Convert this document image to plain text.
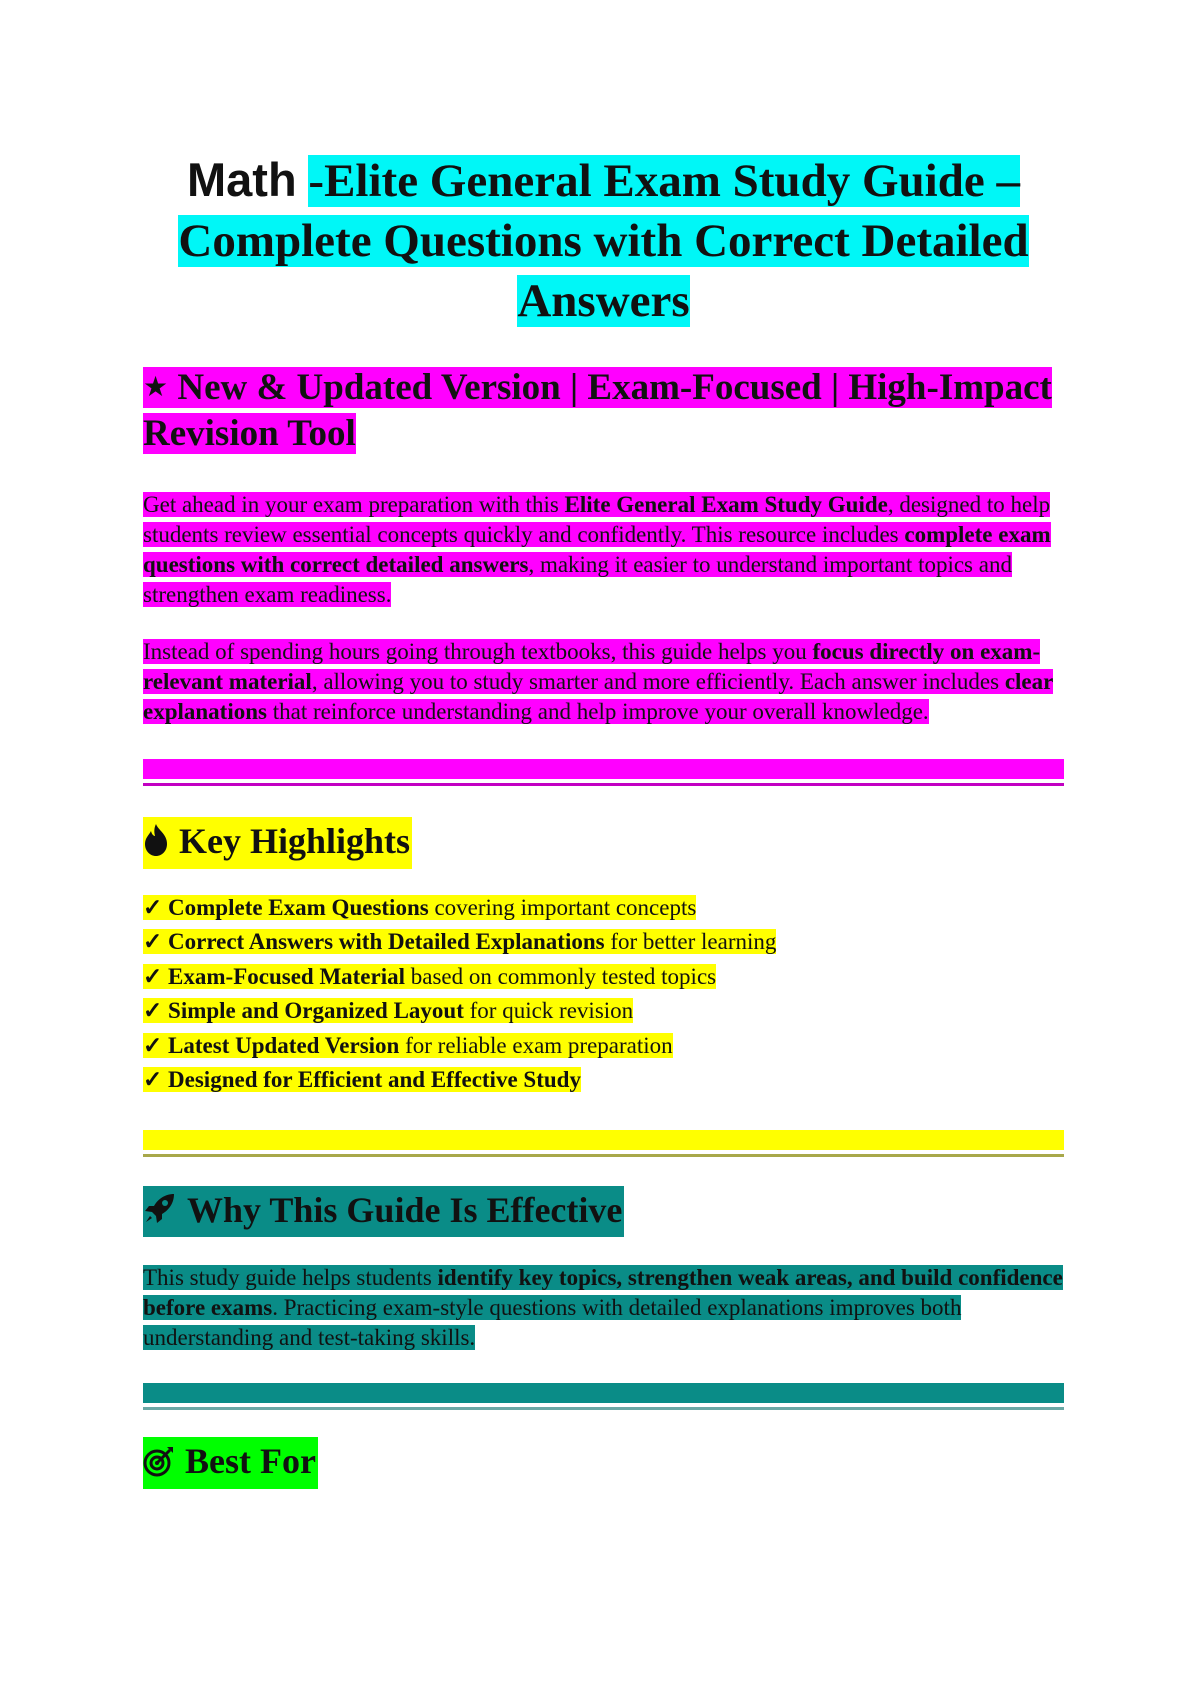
Math -Elite General Exam Study Guide –
Complete Questions with Correct Detailed
Answers
★ New & Updated Version | Exam-Focused | High-Impact
Revision Tool
Get ahead in your exam preparation with this Elite General Exam Study Guide, designed to help students review essential concepts quickly and confidently. This resource includes complete exam questions with correct detailed answers, making it easier to understand important topics and strengthen exam readiness.
Instead of spending hours going through textbooks, this guide helps you focus directly on exam-relevant material, allowing you to study smarter and more efficiently. Each answer includes clear explanations that reinforce understanding and help improve your overall knowledge.
Key Highlights
✓ Complete Exam Questions covering important concepts
✓ Correct Answers with Detailed Explanations for better learning
✓ Exam-Focused Material based on commonly tested topics
✓ Simple and Organized Layout for quick revision
✓ Latest Updated Version for reliable exam preparation
✓ Designed for Efficient and Effective Study
Why This Guide Is Effective
This study guide helps students identify key topics, strengthen weak areas, and build confidence before exams. Practicing exam-style questions with detailed explanations improves both understanding and test-taking skills.
Best For
